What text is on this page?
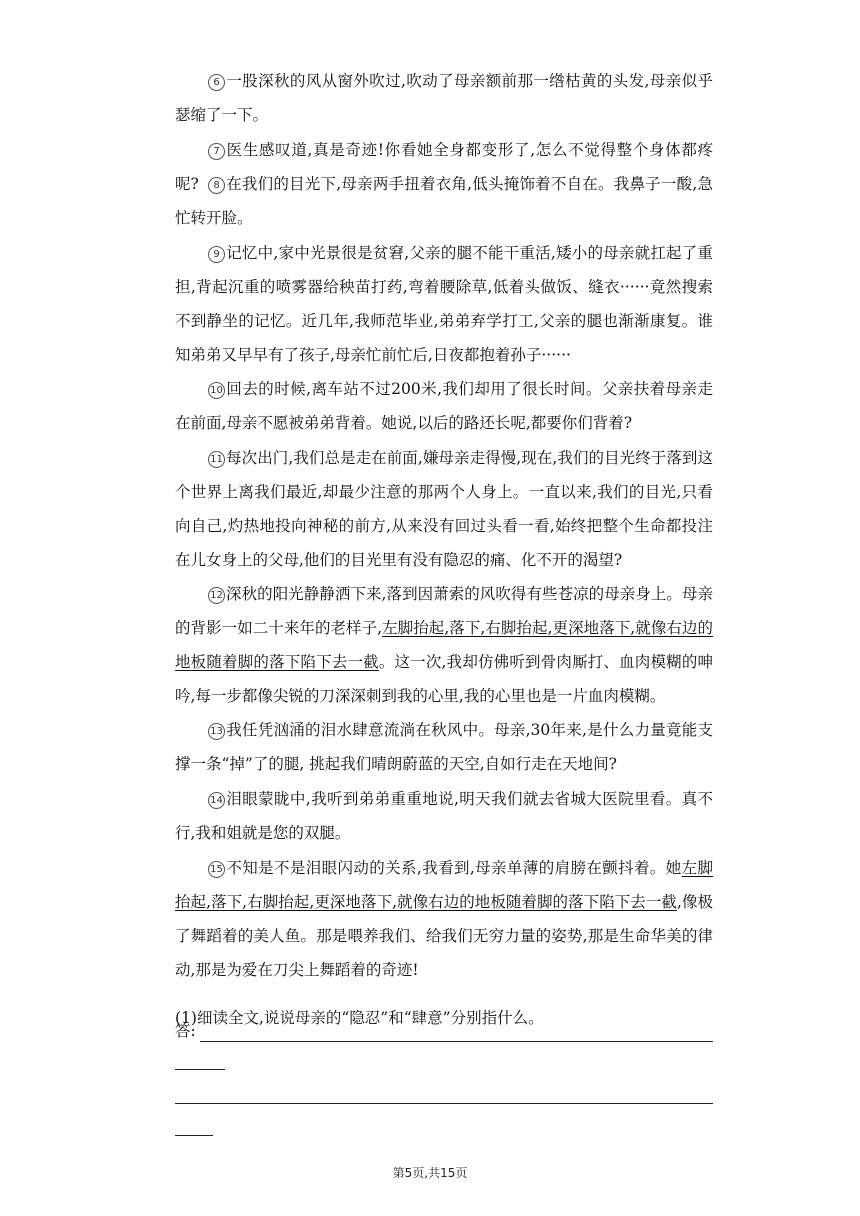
6 一股深秋的风从窗外吹过,吹动了母亲额前那一绺枯黄的头发,母亲似乎瑟缩了一下。

7 医生感叹道,真是奇迹!你看她全身都变形了,怎么不觉得整个身体都疼呢?	8 在我们的目光下,母亲两手扭着衣角,低头掩饰着不自在。我鼻子一酸,急忙转开脸。

9 记忆中,家中光景很是贫窘,父亲的腿不能干重活,矮小的母亲就扛起了重担,背起沉重的喷雾器给秧苗打药,弯着腰除草,低着头做饭、缝衣······竟然搜索不到静坐的记忆。近几年,我师范毕业,弟弟弃学打工,父亲的腿也渐渐康复。谁知弟弟又早早有了孩子,母亲忙前忙后,日夜都抱着孙子······

10 回去的时候,离车站不过200米,我们却用了很长时间。父亲扶着母亲走在前面,母亲不愿被弟弟背着。她说,以后的路还长呢,都要你们背着?

11 每次出门,我们总是走在前面,嫌母亲走得慢,现在,我们的目光终于落到这个世界上离我们最近,却最少注意的那两个人身上。一直以来,我们的目光,只看向自己,灼热地投向神秘的前方,从来没有回过头看一看,始终把整个生命都投注在儿女身上的父母,他们的目光里有没有隐忍的痛、化不开的渴望?

12 深秋的阳光静静洒下来,落到因萧索的风吹得有些苍凉的母亲身上。母亲的背影一如二十来年的老样子,左脚抬起,落下,右脚抬起,更深地落下,就像右边的地板随着脚的落下陷下去一截。这一次,我却仿佛听到骨肉厮打、血肉模糊的呻吟,每一步都像尖锐的刀深深刺到我的心里,我的心里也是一片血肉模糊。

13 我任凭汹涌的泪水肆意流淌在秋风中。母亲,30年来,是什么力量竟能支撑一条“掉”了的腿, 挑起我们晴朗蔚蓝的天空,自如行走在天地间?

14 泪眼蒙眬中,我听到弟弟重重地说,明天我们就去省城大医院里看。真不行,我和姐就是您的双腿。

15 不知是不是泪眼闪动的关系,我看到,母亲单薄的肩膀在颤抖着。她左脚抬起,落下,右脚抬起,更深地落下,就像右边的地板随着脚的落下陷下去一截,像极了舞蹈着的美人鱼。那是喂养我们、给我们无穷力量的姿势,那是生命华美的律动,那是为爱在刀尖上舞蹈着的奇迹!

(1)细读全文,说说母亲的“隐忍”和“肆意”分别指什么。

答:

第5页,共15页
